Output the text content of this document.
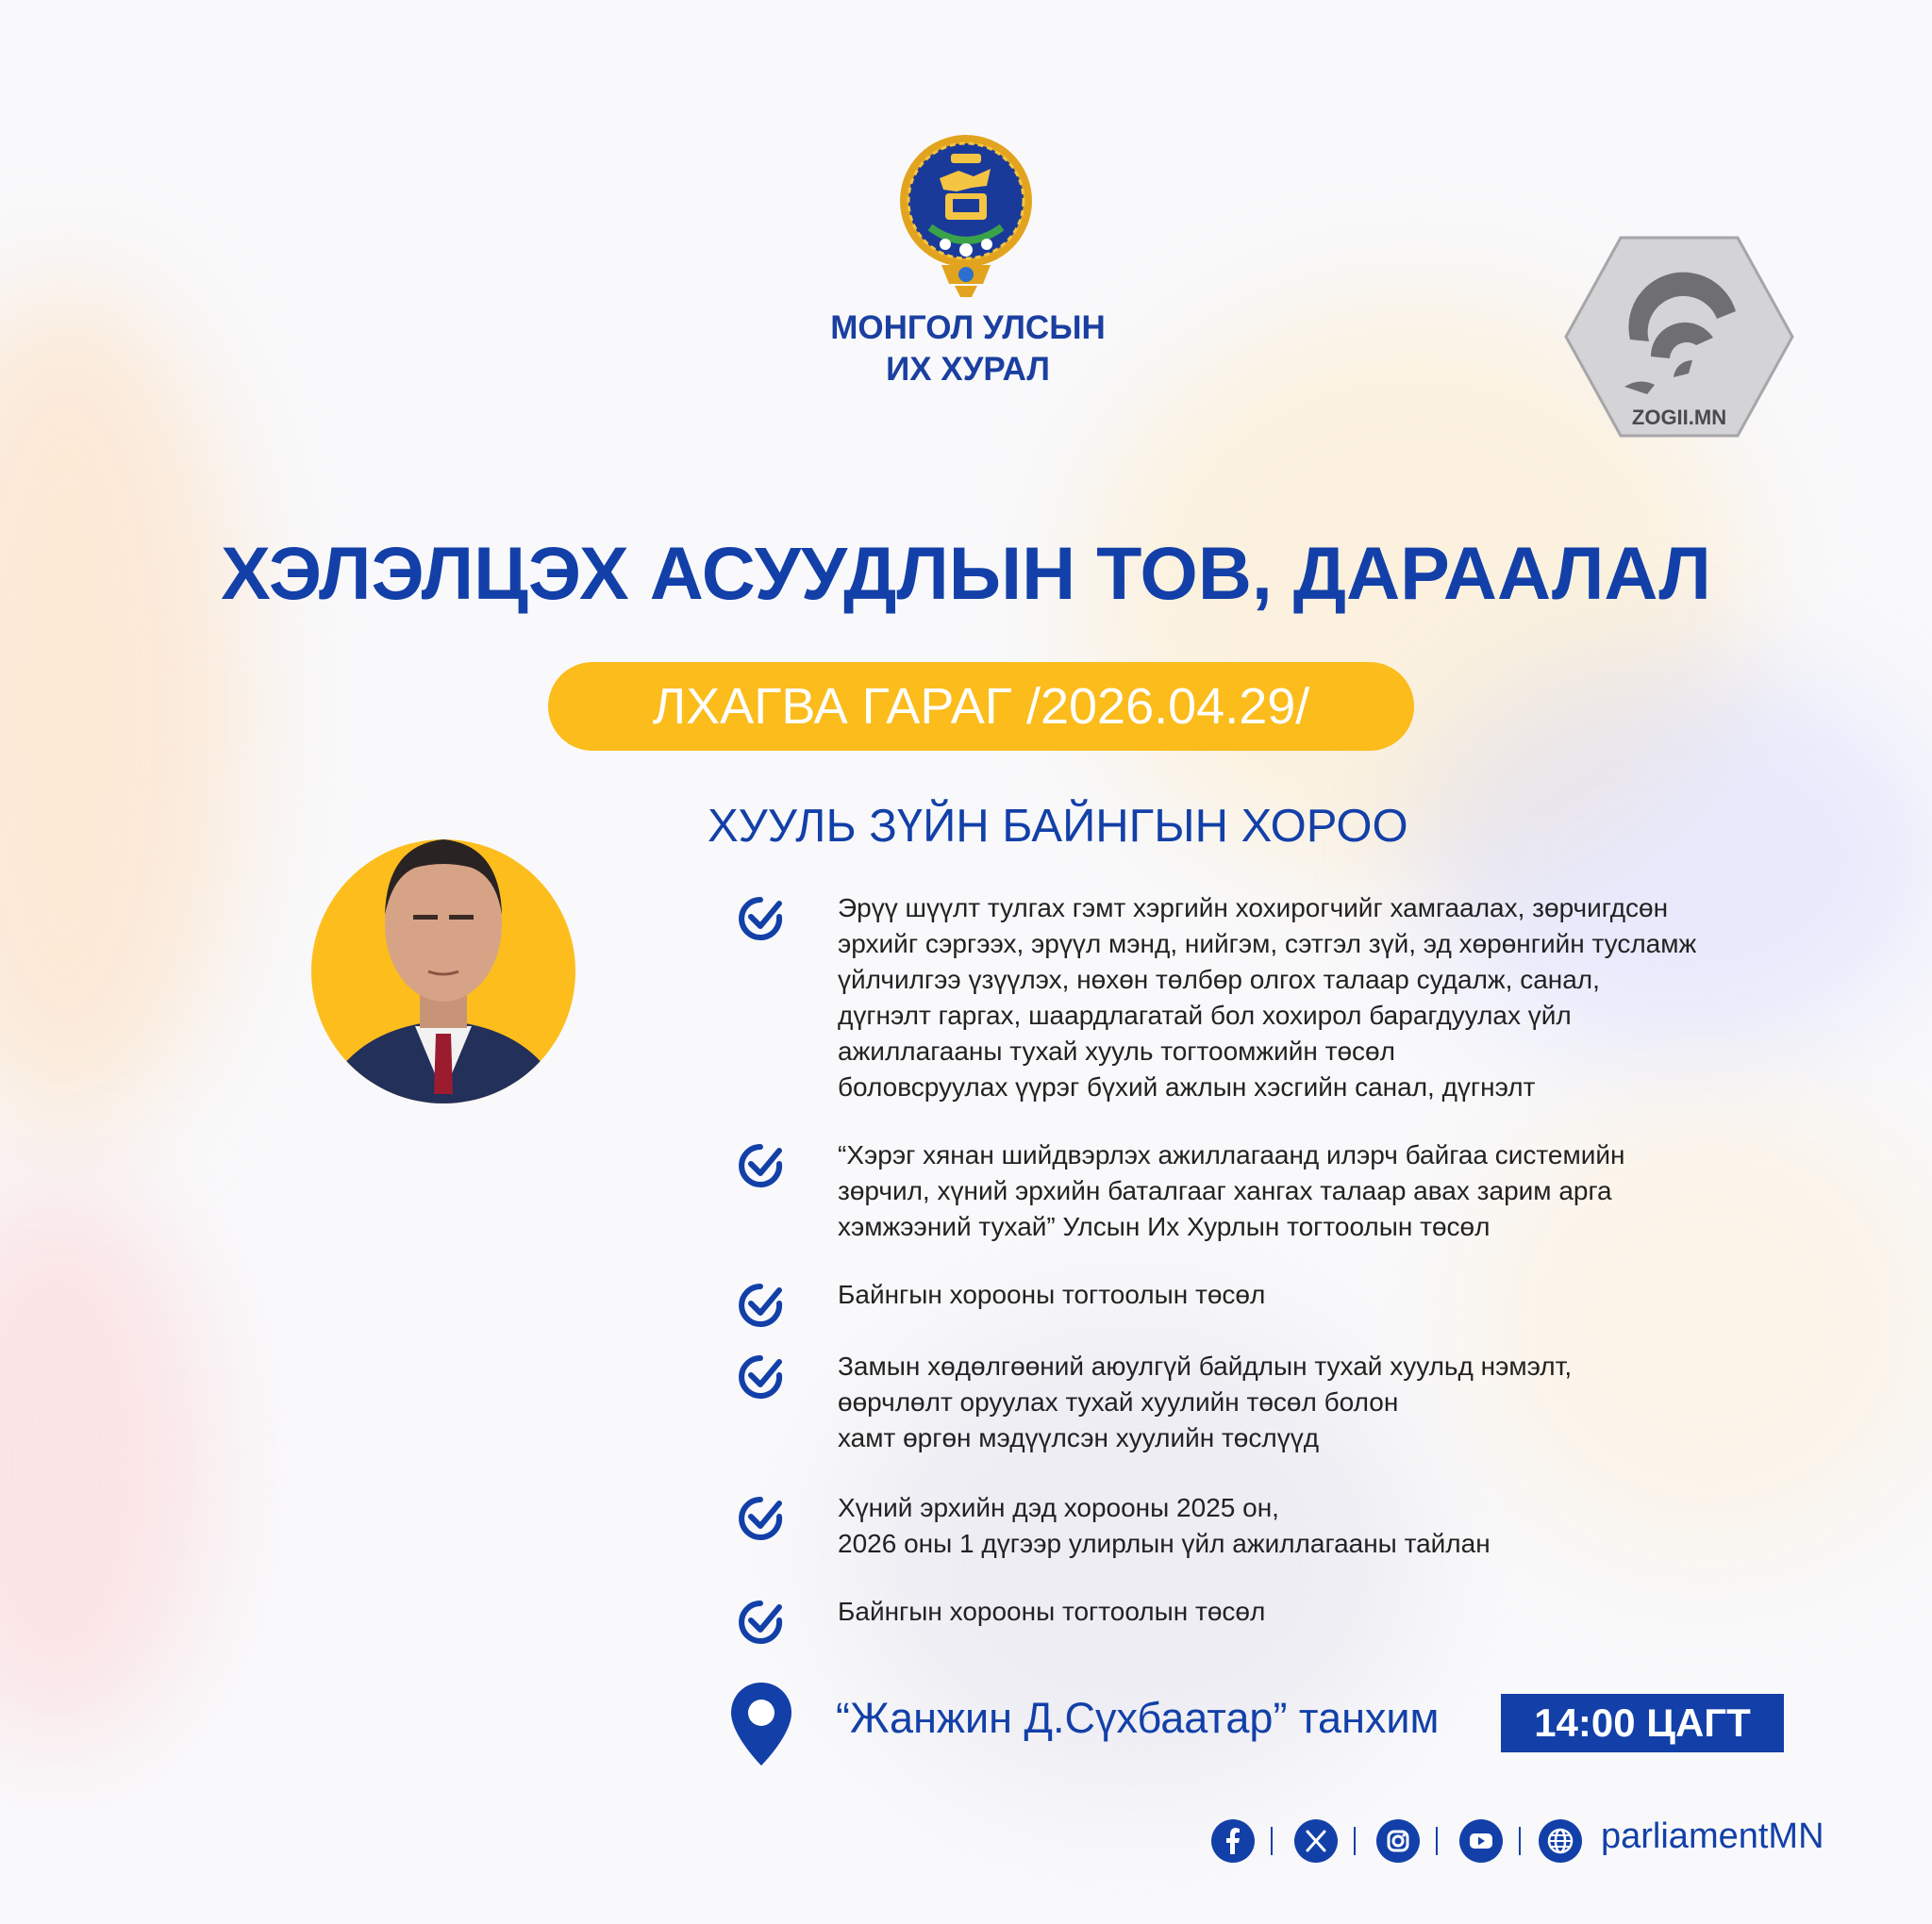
МОНГОЛ УЛСЫН
ИХ ХУРАЛ
ZOGII.MN
ХЭЛЭЛЦЭХ АСУУДЛЫН ТОВ, ДАРААЛАЛ
ЛХАГВА ГАРАГ /2026.04.29/
ХУУЛЬ ЗҮЙН БАЙНГЫН ХОРОО
Эрүү шүүлт тулгах гэмт хэргийн хохирогчийг хамгаалах, зөрчигдсөн
эрхийг сэргээх, эрүүл мэнд, нийгэм, сэтгэл зүй, эд хөрөнгийн тусламж
үйлчилгээ үзүүлэх, нөхөн төлбөр олгох талаар судалж, санал,
дүгнэлт гаргах, шаардлагатай бол хохирол барагдуулах үйл
ажиллагааны тухай хууль тогтоомжийн төсөл
боловсруулах үүрэг бүхий ажлын хэсгийн санал, дүгнэлт
“Хэрэг хянан шийдвэрлэх ажиллагаанд илэрч байгаа системийн
зөрчил, хүний эрхийн баталгааг хангах талаар авах зарим арга
хэмжээний тухай” Улсын Их Хурлын тогтоолын төсөл
Байнгын хорооны тогтоолын төсөл
Замын хөдөлгөөний аюулгүй байдлын тухай хуульд нэмэлт,
өөрчлөлт оруулах тухай хуулийн төсөл болон
хамт өргөн мэдүүлсэн хуулийн төслүүд
Хүний эрхийн дэд хорооны 2025 он,
2026 оны 1 дүгээр улирлын үйл ажиллагааны тайлан
Байнгын хорооны тогтоолын төсөл
“Жанжин Д.Сүхбаатар” танхим	14:00 ЦАГТ
parliamentMN
